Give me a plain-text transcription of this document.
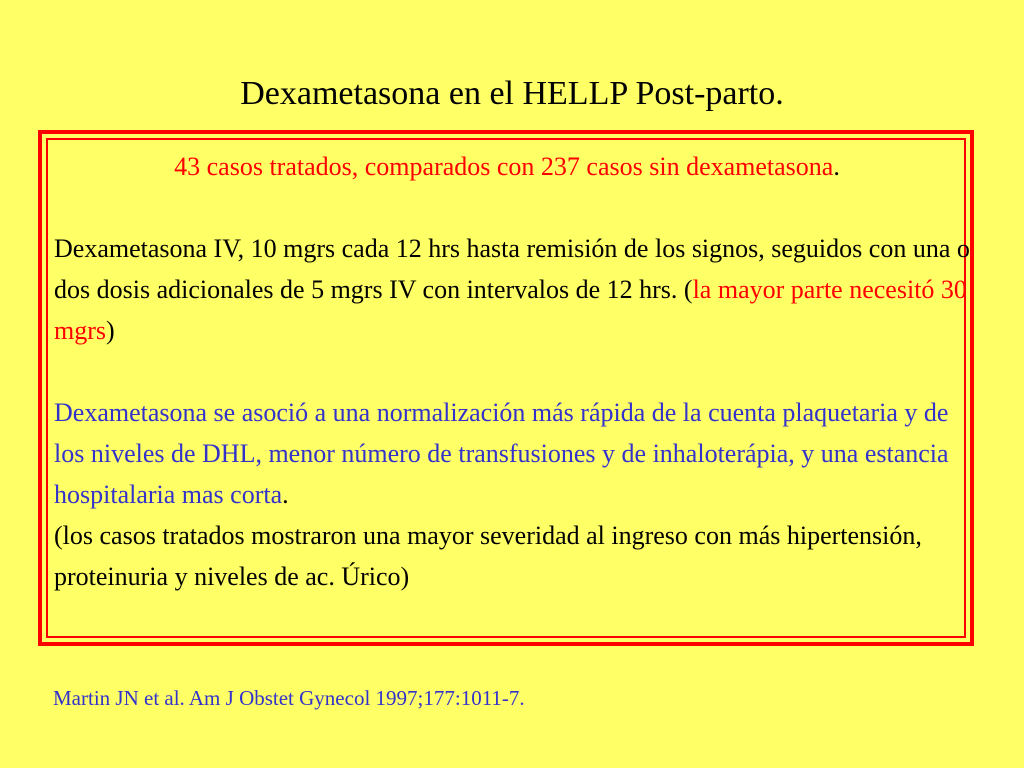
Dexametasona en el HELLP Post-parto.

43 casos tratados, comparados con 237 casos sin dexametasona.

Dexametasona IV, 10 mgrs cada 12 hrs hasta remisión de los signos, seguidos con una o dos dosis adicionales de 5 mgrs IV con intervalos de 12 hrs. (la mayor parte necesitó 30 mgrs)

Dexametasona se asoció a una normalización más rápida de la cuenta plaquetaria y de los niveles de DHL, menor número de transfusiones y de inhaloterápia, y una estancia hospitalaria mas corta.

(los casos tratados mostraron una mayor severidad al ingreso con más hipertensión, proteinuria y niveles de ac. Úrico)

Martin JN et al. Am J Obstet Gynecol 1997;177:1011-7.
